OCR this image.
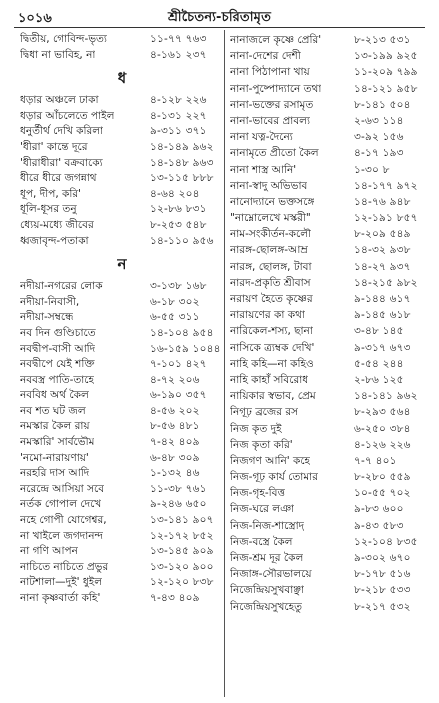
১০১৬	শ্রীচৈতন্য-চরিতামৃত
দ্বিতীয়, গোবিন্দ-ভৃত্য	১১-৭৭ ৭৬৩
দ্বিধা না ভাবিহ, না	৪-১৬১ ২৩৭
ধ
ধড়ার অঞ্চলে ঢাকা	৪-১২৮ ২২৬
ধড়ার আঁচলেতে পাইল	৪-১৩১ ২২৭
ধনুর্তীর্থ দেখি করিলা	৯-৩১১ ৩৭১
'ধীরা' কান্তে দূরে	১৪-১৪৯ ৯৬২
'ধীরাধীরা' বক্রবাক্যে	১৪-১৪৮ ৯৬৩
ধীরে ধীরে জগন্নাথ	১৩-১১৫ ৮৮৮
ধূপ, দীপ, করি'	৪-৬৪ ২০৪
ধূলি-ধূসর তনু	১২-৮৬ ৮৩১
ধ্যেয়-মধ্যে জীবের	৮-২৫৩ ৫৪৮
ধ্বজাবৃন্দ-পতাকা	১৪-১১০ ৯৫৬
ন
নদীয়া-নগরের লোক	৩-১৩৮ ১৬৮
নদীয়া-নিবাসী,	৬-১৮ ৩০২
নদীয়া-সম্বন্ধে	৬-৫৫ ৩১১
নব দিন গুণ্ডিচাতে	১৪-১০৪ ৯৫৪
নবদ্বীপ-বাসী আদি	১৬-১৫৯ ১০৪৪
নবদ্বীপে যেই শক্তি	৭-১০১ ৪২৭
নববস্ত্র পাতি-তাহে	৪-৭২ ২০৬
নববিধ অর্থ কৈল	৬-১৯০ ৩৫৭
নব শত ঘট জল	৪-৫৬ ২০২
নমস্কার কৈল রায়	৮-৫৬ ৪৮১
নমস্কারি' সার্বভৌম	৭-৪২ ৪০৯
'নমো-নারায়ণায়'	৬-৪৮ ৩০৯
নরহরি দাস আদি	১-১৩২ ৪৬
নরেন্দ্রে আসিয়া সবে	১১-৩৮ ৭৬১
নর্তক গোপাল দেখে	৯-২৪৬ ৬৫০
নহে গোপী যোগেশ্বর,	১৩-১৪১ ৯০৭
না খাইলে জগদানন্দ	১২-১৭২ ৮৫২
না গণি আপন	১৩-১৪৫ ৯০৯
নাচিতে নাচিতে প্রভুর	১৩-১২০ ৯০০
নাটশালা—দুই' ধুইল	১২-১২০ ৮৩৮
নানা কৃষ্ণবার্তা কহি'	৭-৪৩ ৪০৯
নানাজলে কৃষ্ণে প্রেরি'	৮-২১৩ ৫৩১
নানা-দেশের দেশী	১৩-১৯৯ ৯২৫
নানা পিঠাপানা খায়	১১-২০৯ ৭৯৯
নানা-পুষ্পোদ্যানে তথা	১৪-১২১ ৯৫৮
নানা-ভক্তের রসামৃত	৮-১৪১ ৫০৪
নানা-ভাবের প্রাবল্য	২-৬৩ ১১৪
নানা যত্ন-দৈন্যে	৩-৯২ ১৫৬
নানামৃতে প্রীতো কৈল	৪-১৭ ১৯৩
নানা শাস্ত্র আনি'	১-৩০ ৮
নানা-স্বাদু অভিভাব	১৪-১৭৭ ৯৭২
নানোদ্যানে ভক্তসঙ্গে	১৪-৭৬ ৯৪৮
"নাম্নোলেখে মস্করী"	১২-১৯১ ৮৫৭
নাম-সংকীর্তন-কলৌ	৮-২০৯ ৫৪৯
নারঙ্গ-ছোলঙ্গ-আম্র	১৪-৩২ ৯৩৮
নারঙ্গ, ছোলঙ্গ, টাবা	১৪-২৭ ৯৩৭
নারদ-প্রকৃতি শ্রীবাস	১৪-২১৫ ৯৮২
নরায়ণ হৈতে কৃষ্ণের	৯-১৪৪ ৬১৭
নারায়ণের কা কথা	৯-১৪৫ ৬১৮
নারিকেল-শস্য, ছানা	৩-৪৮ ১৪৫
নাসিকে ত্র্যম্বক দেখি'	৯-৩১৭ ৬৭৩
নাহি কহি—না কহিও	৫-৫৪ ২৪৪
নাহি কাহাঁ সবিরোধ	২-৮৬ ১২৫
নায়িকার স্বভাব, প্রেম	১৪-১৪১ ৯৬২
নিগূঢ় ব্রজের রস	৮-২৯৩ ৫৬৪
নিজ কৃত দুই	৬-২৫০ ৩৮৪
নিজ কৃতা করি'	৪-১২৬ ২২৬
নিজগণ আনি' কহে	৭-৭ ৪০১
নিজ-গূঢ় কার্য তোমার	৮-২৮০ ৫৫৯
নিজ-গৃহ-বিত্ত	১০-৫৫ ৭০২
নিজ-ঘরে লঞা	৯-৮৩ ৬০০
নিজ-নিজ-শাস্ত্রোদ্	৯-৪৩ ৫৮৩
নিজ-বস্ত্রে কৈল	১২-১০৪ ৮৩৫
নিজ-শ্রম দূর কৈল	৯-৩০২ ৬৭০
নিজাঙ্গ-সৌরভালয়ে	৮-১৭৮ ৫১৬
নিজেন্দ্রিয়সুখবাঞ্ছা	৮-২১৮ ৫৩৩
নিজেন্দ্রিয়সুখহেতু	৮-২১৭ ৫৩২
